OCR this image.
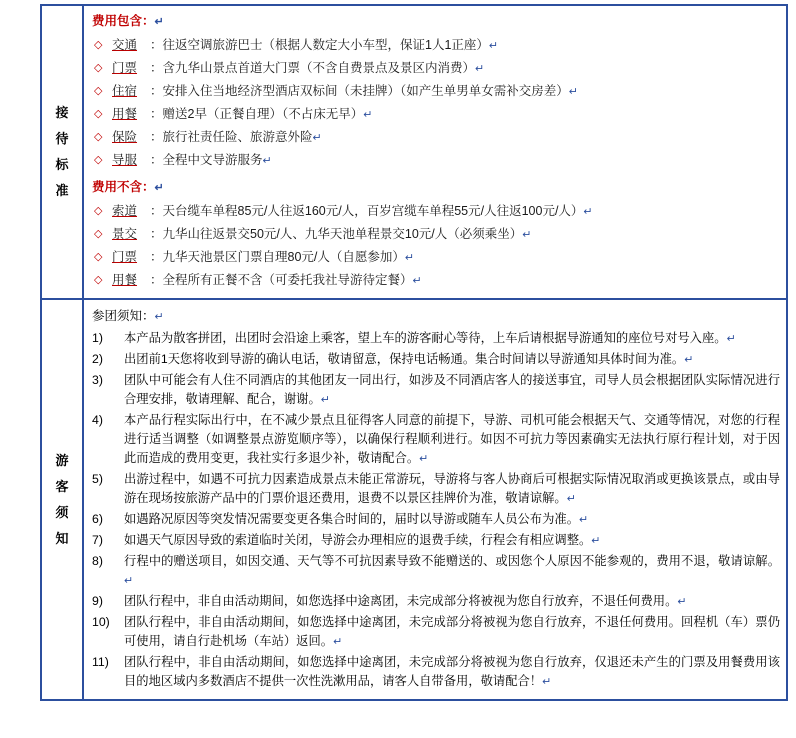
接
待
标
准

费用包含：↵
◇ 交通 ：往返空调旅游巴士（根据人数定大小车型，保证1人1正座）↵
◇ 门票 ：含九华山景点首道大门票（不含自费景点及景区内消费）↵
◇ 住宿 ：安排入住当地经济型酒店双标间（未挂牌）（如产生单男单女需补交房差）↵
◇ 用餐 ：赠送2早（正餐自理）（不占床无早）↵
◇ 保险 ：旅行社责任险、旅游意外险↵
◇ 导服 ：全程中文导游服务↵
费用不含：↵
◇ 索道 ：天台缆车单程85元/人往返160元/人，百岁宫缆车单程55元/人往返100元/人）↵
◇ 景交 ：九华山往返景交50元/人、九华天池单程景交10元/人（必须乘坐）↵
◇ 门票 ：九华天池景区门票自理80元/人（自愿参加）↵
◇ 用餐 ：全程所有正餐不含（可委托我社导游待定餐）↵

游
客
须
知

参团须知：↵
1)	本产品为散客拼团，出团时会沿途上乘客，望上车的游客耐心等待，上车后请根据导游通知的座位号对号入座。↵
2)	出团前1天您将收到导游的确认电话，敬请留意，保持电话畅通。集合时间请以导游通知具体时间为准。↵
3)	团队中可能会有人住不同酒店的其他团友一同出行，如涉及不同酒店客人的接送事宜，司导人员会根据团队实际情况进行合理安排，敬请理解、配合，谢谢。↵
4)	本产品行程实际出行中，在不减少景点且征得客人同意的前提下，导游、司机可能会根据天气、交通等情况，对您的行程进行适当调整（如调整景点游览顺序等），以确保行程顺利进行。如因不可抗力等因素确实无法执行原行程计划，对于因此而造成的费用变更，我社实行多退少补，敬请配合。↵
5)	出游过程中，如遇不可抗力因素造成景点未能正常游玩，导游将与客人协商后可根据实际情况取消或更换该景点，或由导游在现场按旅游产品中的门票价退还费用，退费不以景区挂牌价为准，敬请谅解。↵
6)	如遇路况原因等突发情况需要变更各集合时间的，届时以导游或随车人员公布为准。↵
7)	如遇天气原因导致的索道临时关闭，导游会办理相应的退费手续，行程会有相应调整。↵
8)	行程中的赠送项目，如因交通、天气等不可抗因素导致不能赠送的、或因您个人原因不能参观的，费用不退，敬请谅解。↵
9)	团队行程中，非自由活动期间，如您选择中途离团，未完成部分将被视为您自行放弃，不退任何费用。↵
10)	团队行程中，非自由活动期间，如您选择中途离团，未完成部分将被视为您自行放弃，不退任何费用。回程机（车）票仍可使用，请自行赴机场（车站）返回。↵
11)	团队行程中，非自由活动期间，如您选择中途离团，未完成部分将被视为您自行放弃，仅退还未产生的门票及用餐费用该目的地区域内多数酒店不提供一次性洗漱用品，请客人自带备用，敬请配合！↵
